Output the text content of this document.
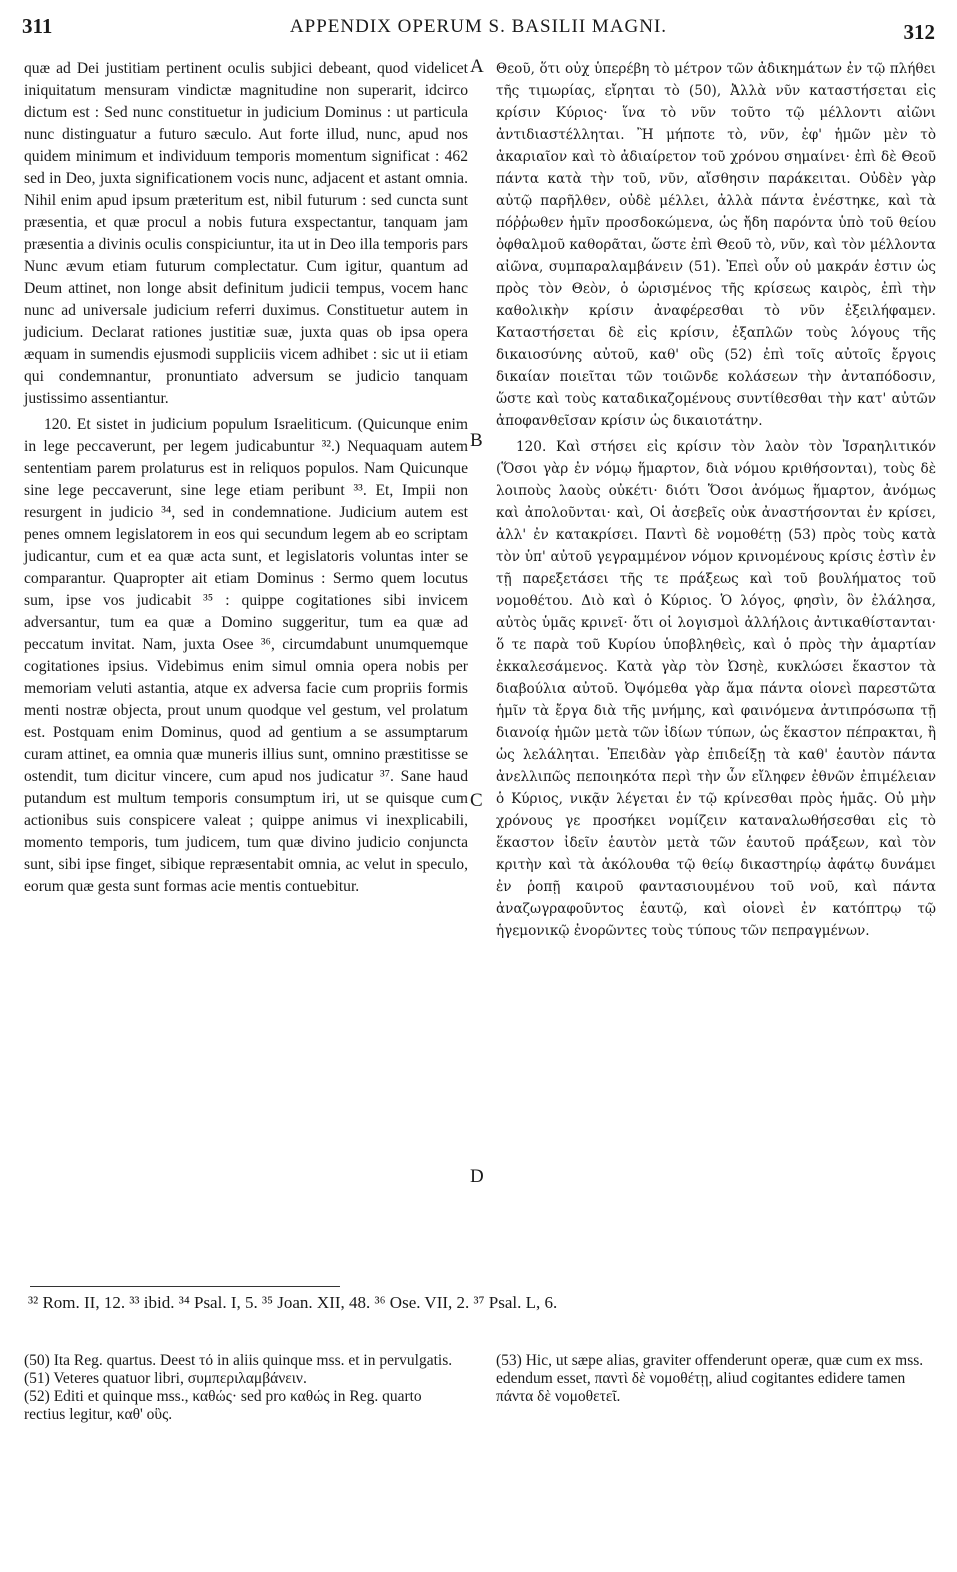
311	APPENDIX OPERUM S. BASILII MAGNI.	312

quæ ad Dei justitiam pertinent oculis subjici debeant, quod videlicet iniquitatum mensuram vindictæ magnitudine non superarit, idcirco dictum est : Sed nunc constituetur in judicium Dominus : ut particula nunc distinguatur a futuro sæculo. Aut forte illud, nunc, apud nos quidem minimum et individuum temporis momentum significat : 462 sed in Deo, juxta significationem vocis nunc, adjacent et astant omnia. Nihil enim apud ipsum præteritum est, nibil futurum : sed cuncta sunt præsentia, et quæ procul a nobis futura exspectantur, tanquam jam præsentia a divinis oculis conspiciuntur, ita ut in Deo illa temporis pars Nunc ævum etiam futurum complectatur. Cum igitur, quantum ad Deum attinet, non longe absit definitum judicii tempus, vocem hanc nunc ad universale judicium referri duximus. Constituetur autem in judicium. Declarat rationes justitiæ suæ, juxta quas ob ipsa opera æquam in sumendis ejusmodi suppliciis vicem adhibet : sic ut ii etiam qui condemnantur, pronuntiato adversum se judicio tanquam justissimo assentiantur.

120. Et sistet in judicium populum Israeliticum. (Quicunque enim in lege peccaverunt, per legem judicabuntur ³².) Nequaquam autem sententiam parem prolaturus est in reliquos populos. Nam Quicunque sine lege peccaverunt, sine lege etiam peribunt ³³. Et, Impii non resurgent in judicio ³⁴, sed in condemnatione. Judicium autem est penes omnem legislatorem in eos qui secundum legem ab eo scriptam judicantur, cum et ea quæ acta sunt, et legislatoris voluntas inter se comparantur. Quapropter ait etiam Dominus : Sermo quem locutus sum, ipse vos judicabit ³⁵ : quippe cogitationes sibi invicem adversantur, tum ea quæ a Domino suggeritur, tum ea quæ ad peccatum invitat. Nam, juxta Osee ³⁶, circumdabunt unumquemque cogitationes ipsius. Videbimus enim simul omnia opera nobis per memoriam veluti astantia, atque ex adversa facie cum propriis formis menti nostræ objecta, prout unum quodque vel gestum, vel prolatum est. Postquam enim Dominus, quod ad gentium a se assumptarum curam attinet, ea omnia quæ muneris illius sunt, omnino præstitisse se ostendit, tum dicitur vincere, cum apud nos judicatur ³⁷. Sane haud putandum est multum temporis consumptum iri, ut se quisque cum actionibus suis conspicere valeat ; quippe animus vi inexplicabili, momento temporis, tum judicem, tum quæ divino judicio conjuncta sunt, sibi ipse finget, sibique repræsentabit omnia, ac velut in speculo, eorum quæ gesta sunt formas acie mentis contuebitur.

A
B
C
D

Θεοῦ, ὅτι οὐχ ὑπερέβη τὸ μέτρον τῶν ἀδικημάτων ἐν τῷ πλήθει τῆς τιμωρίας, εἴρηται τὸ (50), Ἀλλὰ νῦν καταστήσεται εἰς κρίσιν Κύριος· ἵνα τὸ νῦν τοῦτο τῷ μέλλοντι αἰῶνι ἀντιδιαστέλληται. Ἢ μήποτε τὸ, νῦν, ἐφ' ἡμῶν μὲν τὸ ἀκαριαῖον καὶ τὸ ἀδιαίρετον τοῦ χρόνου σημαίνει· ἐπὶ δὲ Θεοῦ πάντα κατὰ τὴν τοῦ, νῦν, αἴσθησιν παράκειται. Οὐδὲν γὰρ αὐτῷ παρῆλθεν, οὐδὲ μέλλει, ἀλλὰ πάντα ἐνέστηκε, καὶ τὰ πόῤῥωθεν ἡμῖν προσδοκώμενα, ὡς ἤδη παρόντα ὑπὸ τοῦ θείου ὀφθαλμοῦ καθορᾶται, ὥστε ἐπὶ Θεοῦ τὸ, νῦν, καὶ τὸν μέλλοντα αἰῶνα, συμπαραλαμβάνειν (51). Ἐπεὶ οὖν οὐ μακράν ἐστιν ὡς πρὸς τὸν Θεὸν, ὁ ὡρισμένος τῆς κρίσεως καιρὸς, ἐπὶ τὴν καθολικὴν κρίσιν ἀναφέρεσθαι τὸ νῦν ἐξειλήφαμεν. Καταστήσεται δὲ εἰς κρίσιν, ἐξαπλῶν τοὺς λόγους τῆς δικαιοσύνης αὐτοῦ, καθ' οὓς (52) ἐπὶ τοῖς αὐτοῖς ἔργοις δικαίαν ποιεῖται τῶν τοιῶνδε κολάσεων τὴν ἀνταπόδοσιν, ὥστε καὶ τοὺς καταδικαζομένους συντίθεσθαι τὴν κατ' αὐτῶν ἀποφανθεῖσαν κρίσιν ὡς δικαιοτάτην.

120. Καὶ στήσει εἰς κρίσιν τὸν λαὸν τὸν Ἰσραηλιτικόν (Ὅσοι γὰρ ἐν νόμῳ ἥμαρτον, διὰ νόμου κριθήσονται), τοὺς δὲ λοιποὺς λαοὺς οὐκέτι· διότι Ὅσοι ἀνόμως ἥμαρτον, ἀνόμως καὶ ἀπολοῦνται· καὶ, Οἱ ἀσεβεῖς οὐκ ἀναστήσονται ἐν κρίσει, ἀλλ' ἐν κατακρίσει. Παντὶ δὲ νομοθέτῃ (53) πρὸς τοὺς κατὰ τὸν ὑπ' αὐτοῦ γεγραμμένον νόμον κρινομένους κρίσις ἐστὶν ἐν τῇ παρεξετάσει τῆς τε πράξεως καὶ τοῦ βουλήματος τοῦ νομοθέτου. Διὸ καὶ ὁ Κύριος. Ὁ λόγος, φησὶν, ὃν ἐλάλησα, αὐτὸς ὑμᾶς κρινεῖ· ὅτι οἱ λογισμοὶ ἀλλήλοις ἀντικαθίστανται· ὅ τε παρὰ τοῦ Κυρίου ὑποβληθεὶς, καὶ ὁ πρὸς τὴν ἁμαρτίαν ἐκκαλεσάμενος. Κατὰ γὰρ τὸν Ὠσηὲ, κυκλώσει ἕκαστον τὰ διαβούλια αὐτοῦ. Ὀψόμεθα γὰρ ἅμα πάντα οἱονεὶ παρεστῶτα ἡμῖν τὰ ἔργα διὰ τῆς μνήμης, καὶ φαινόμενα ἀντιπρόσωπα τῇ διανοίᾳ ἡμῶν μετὰ τῶν ἰδίων τύπων, ὡς ἕκαστον πέπρακται, ἢ ὡς λελάληται. Ἐπειδὰν γὰρ ἐπιδείξῃ τὰ καθ' ἑαυτὸν πάντα ἀνελλιπῶς πεποιηκότα περὶ τὴν ὧν εἴληφεν ἐθνῶν ἐπιμέλειαν ὁ Κύριος, νικᾷν λέγεται ἐν τῷ κρίνεσθαι πρὸς ἡμᾶς. Οὐ μὴν χρόνους γε προσήκει νομίζειν καταναλωθήσεσθαι εἰς τὸ ἕκαστον ἰδεῖν ἑαυτὸν μετὰ τῶν ἑαυτοῦ πράξεων, καὶ τὸν κριτὴν καὶ τὰ ἀκόλουθα τῷ θείῳ δικαστηρίῳ ἀφάτῳ δυνάμει ἐν ῥοπῇ καιροῦ φαντασιουμένου τοῦ νοῦ, καὶ πάντα ἀναζωγραφοῦντος ἑαυτῷ, καὶ οἱονεὶ ἐν κατόπτρῳ τῷ ἡγεμονικῷ ἐνορῶντες τοὺς τύπους τῶν πεπραγμένων.

³² Rom. II, 12. ³³ ibid. ³⁴ Psal. I, 5. ³⁵ Joan. XII, 48. ³⁶ Ose. VII, 2. ³⁷ Psal. L, 6.

(50) Ita Reg. quartus. Deest τό in aliis quinque mss. et in pervulgatis.

(51) Veteres quatuor libri, συμπεριλαμβάνειν.

(52) Editi et quinque mss., καθώς· sed pro καθώς in Reg. quarto rectius legitur, καθ' οὓς.

(53) Hic, ut sæpe alias, graviter offenderunt operæ, quæ cum ex mss. edendum esset, παντὶ δὲ νομοθέτῃ, aliud cogitantes edidere tamen πάντα δὲ νομοθετεῖ.
